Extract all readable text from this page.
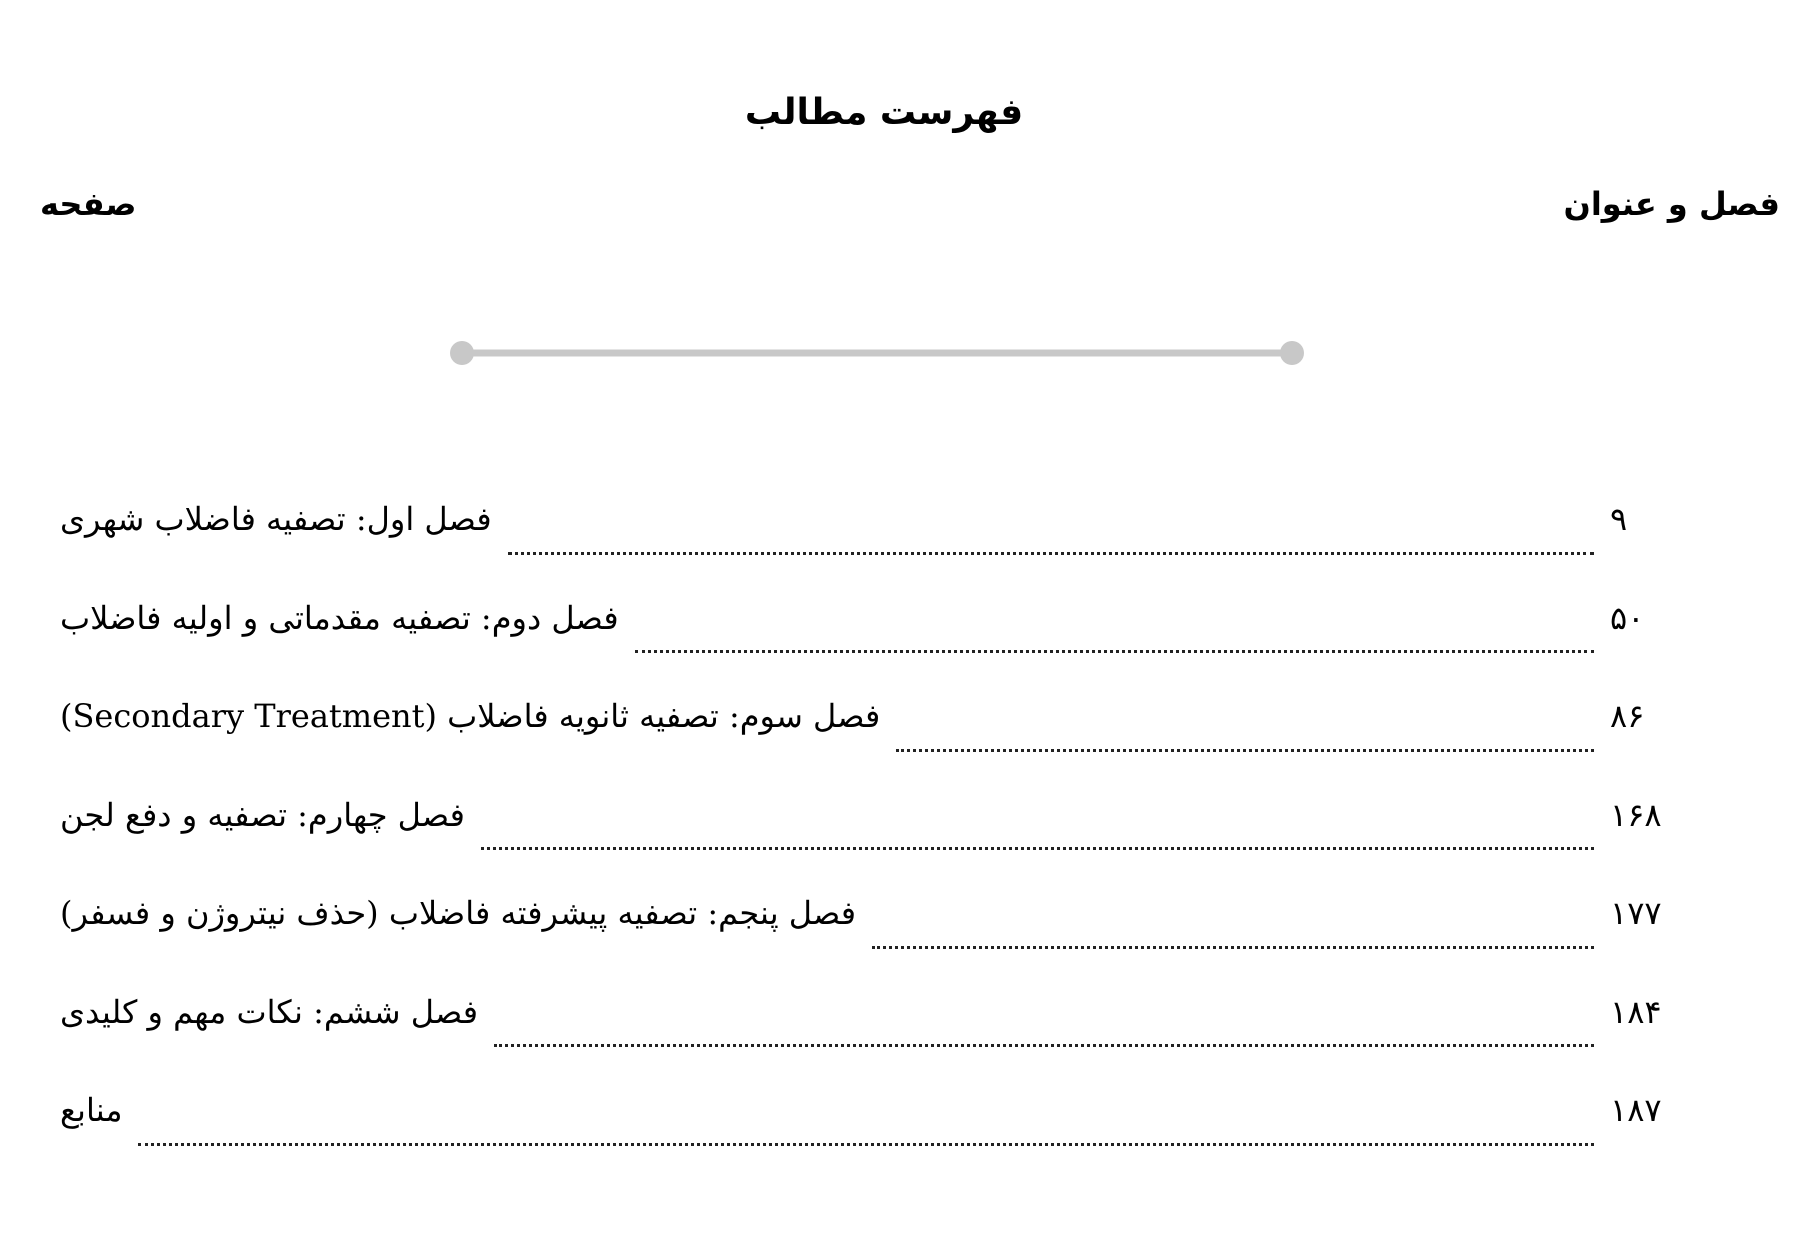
فهرست مطالب
فصل و عنوان
صفحه
فصل اول: تصفیه فاضلاب شهری	۹
فصل دوم: تصفیه مقدماتی و اولیه فاضلاب	۵۰
فصل سوم: تصفیه ثانویه فاضلاب (Secondary Treatment)	۸۶
فصل چهارم: تصفیه و دفع لجن	۱۶۸
فصل پنجم: تصفیه پیشرفته فاضلاب (حذف نیتروژن و فسفر)	۱۷۷
فصل ششم: نکات مهم و کلیدی	۱۸۴
منابع	۱۸۷
